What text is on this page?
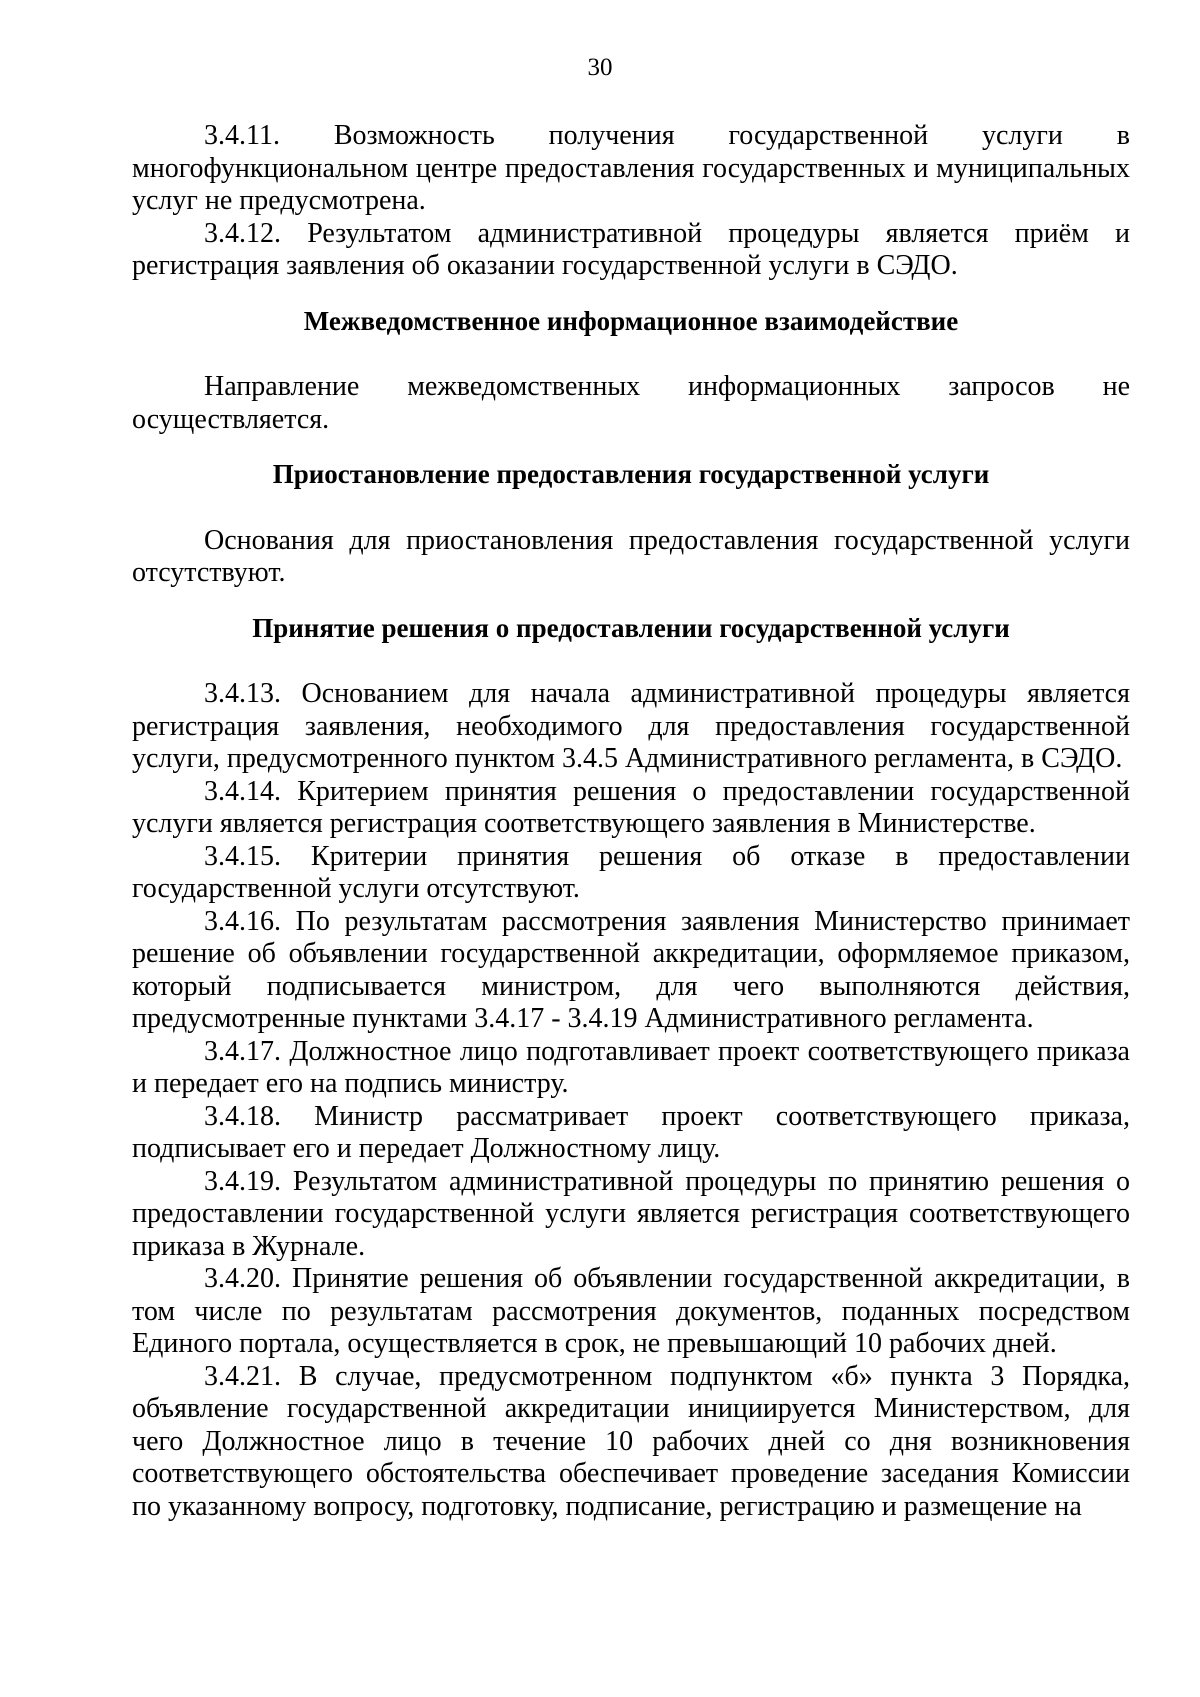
30

3.4.11. Возможность получения государственной услуги в многофункциональном центре предоставления государственных и муниципальных услуг не предусмотрена.

3.4.12. Результатом административной процедуры является приём и регистрация заявления об оказании государственной услуги в СЭДО.

Межведомственное информационное взаимодействие

Направление межведомственных информационных запросов не осуществляется.

Приостановление предоставления государственной услуги

Основания для приостановления предоставления государственной услуги отсутствуют.

Принятие решения о предоставлении государственной услуги

3.4.13. Основанием для начала административной процедуры является регистрация заявления, необходимого для предоставления государственной услуги, предусмотренного пунктом 3.4.5 Административного регламента, в СЭДО.

3.4.14. Критерием принятия решения о предоставлении государственной услуги является регистрация соответствующего заявления в Министерстве.

3.4.15. Критерии принятия решения об отказе в предоставлении государственной услуги отсутствуют.

3.4.16. По результатам рассмотрения заявления Министерство принимает решение об объявлении государственной аккредитации, оформляемое приказом, который подписывается министром, для чего выполняются действия, предусмотренные пунктами 3.4.17 - 3.4.19 Административного регламента.

3.4.17. Должностное лицо подготавливает проект соответствующего приказа и передает его на подпись министру.

3.4.18. Министр рассматривает проект соответствующего приказа, подписывает его и передает Должностному лицу.

3.4.19. Результатом административной процедуры по принятию решения о предоставлении государственной услуги является регистрация соответствующего приказа в Журнале.

3.4.20. Принятие решения об объявлении государственной аккредитации, в том числе по результатам рассмотрения документов, поданных посредством Единого портала, осуществляется в срок, не превышающий 10 рабочих дней.

3.4.21. В случае, предусмотренном подпунктом «б» пункта 3 Порядка, объявление государственной аккредитации инициируется Министерством, для чего Должностное лицо в течение 10 рабочих дней со дня возникновения соответствующего обстоятельства обеспечивает проведение заседания Комиссии по указанному вопросу, подготовку, подписание, регистрацию и размещение на
